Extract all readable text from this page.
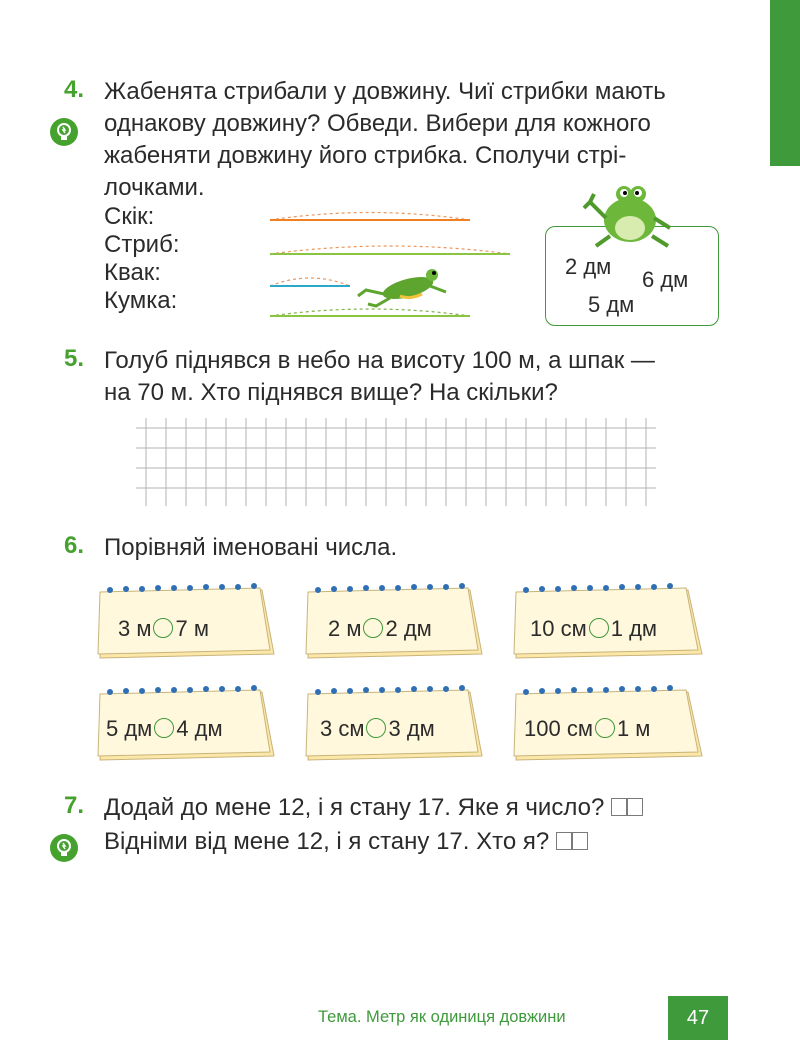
4. Жабенята стрибали у довжину. Чиї стрибки мають
однакову довжину? Обведи. Вибери для кожного
жабеняти довжину його стрибка. Сполучи стрі-
лочками.
Скік:
Стриб:
Квак:
Кумка:
2 дм
6 дм
5 дм
5. Голуб піднявся в небо на висоту 100 м, а шпак —
на 70 м. Хто піднявся вище? На скільки?
6. Порівняй іменовані числа.
3 м 7 м	2 м 2 дм	10 см 1 дм
5 дм 4 дм	3 см 3 дм	100 см 1 м
7. Додай до мене 12, і я стану 17. Яке я число?
Відніми від мене 12, і я стану 17. Хто я?
Тема. Метр як одиниця довжини	47
